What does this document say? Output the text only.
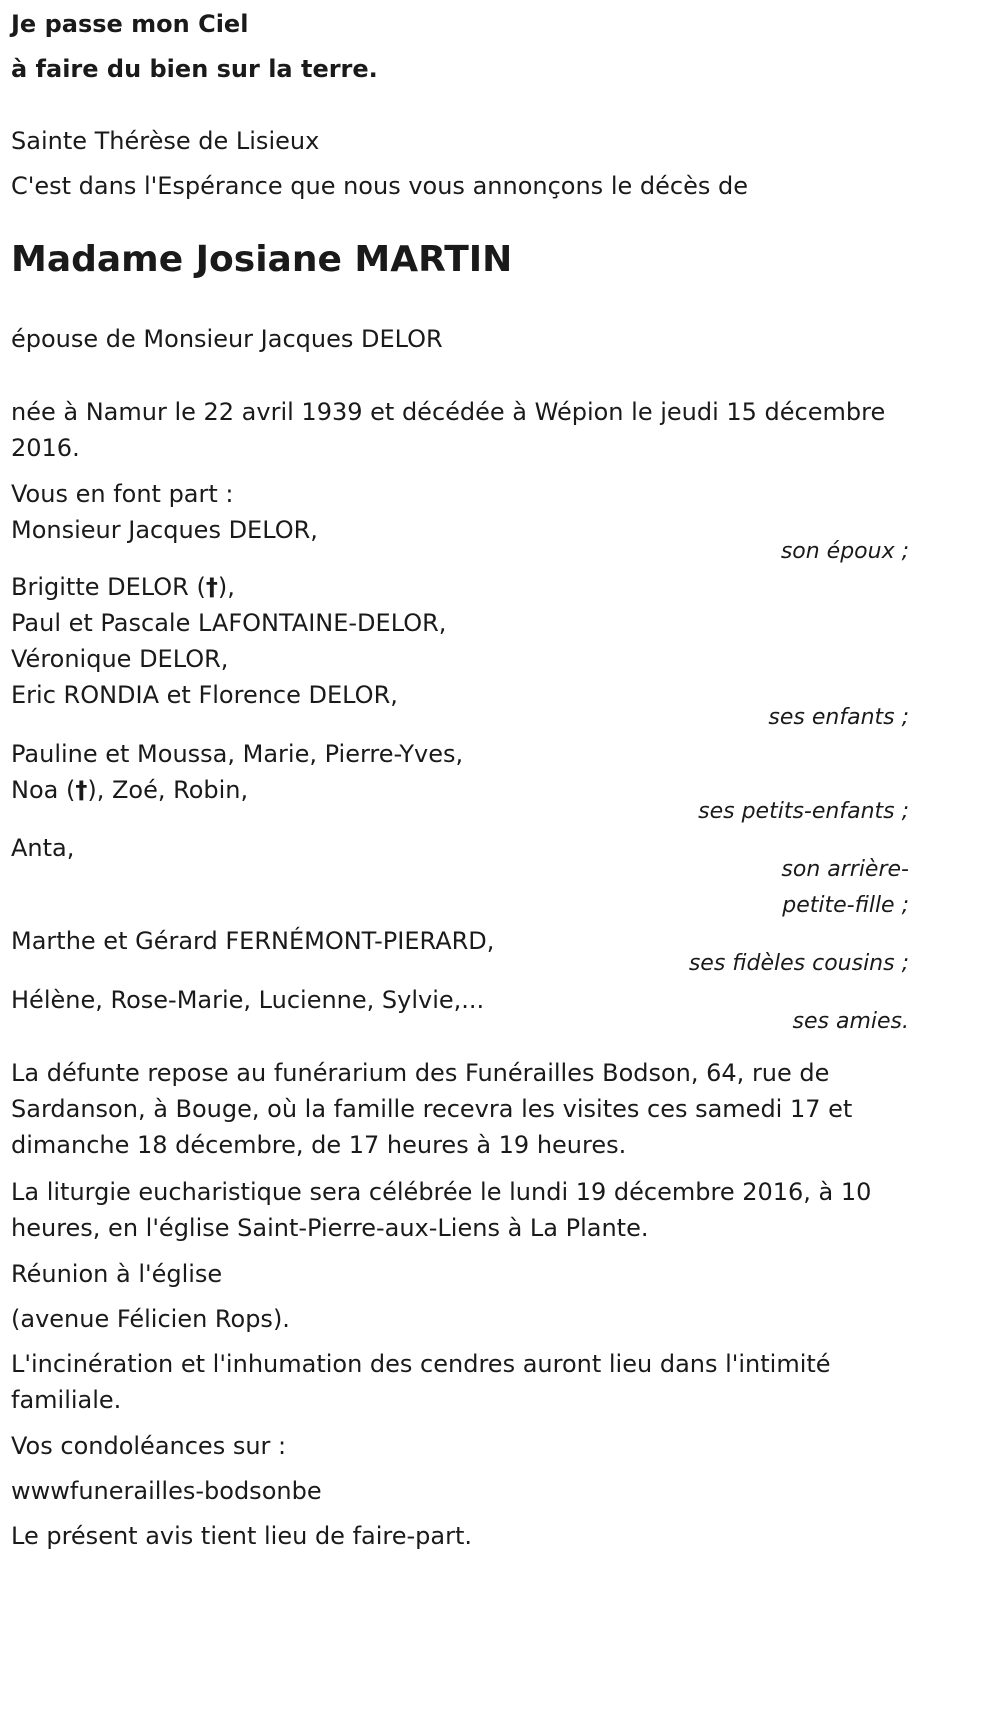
Je passe mon Ciel
à faire du bien sur la terre.
Sainte Thérèse de Lisieux
C'est dans l'Espérance que nous vous annonçons le décès de
Madame Josiane MARTIN
épouse de Monsieur Jacques DELOR
née à Namur le 22 avril 1939 et décédée à Wépion le jeudi 15 décembre
2016.
Vous en font part :
Monsieur Jacques DELOR,
son époux ;
Brigitte DELOR (†),
Paul et Pascale LAFONTAINE-DELOR,
Véronique DELOR,
Eric RONDIA et Florence DELOR,
ses enfants ;
Pauline et Moussa, Marie, Pierre-Yves,
Noa (†), Zoé, Robin,
ses petits-enfants ;
Anta,
son arrière-
petite-fille ;
Marthe et Gérard FERNÉMONT-PIERARD,
ses fidèles cousins ;
Hélène, Rose-Marie, Lucienne, Sylvie,...
ses amies.
La défunte repose au funérarium des Funérailles Bodson, 64, rue de
Sardanson, à Bouge, où la famille recevra les visites ces samedi 17 et
dimanche 18 décembre, de 17 heures à 19 heures.
La liturgie eucharistique sera célébrée le lundi 19 décembre 2016, à 10
heures, en l'église Saint-Pierre-aux-Liens à La Plante.
Réunion à l'église
(avenue Félicien Rops).
L'incinération et l'inhumation des cendres auront lieu dans l'intimité
familiale.
Vos condoléances sur :
wwwfunerailles-bodsonbe
Le présent avis tient lieu de faire-part.
